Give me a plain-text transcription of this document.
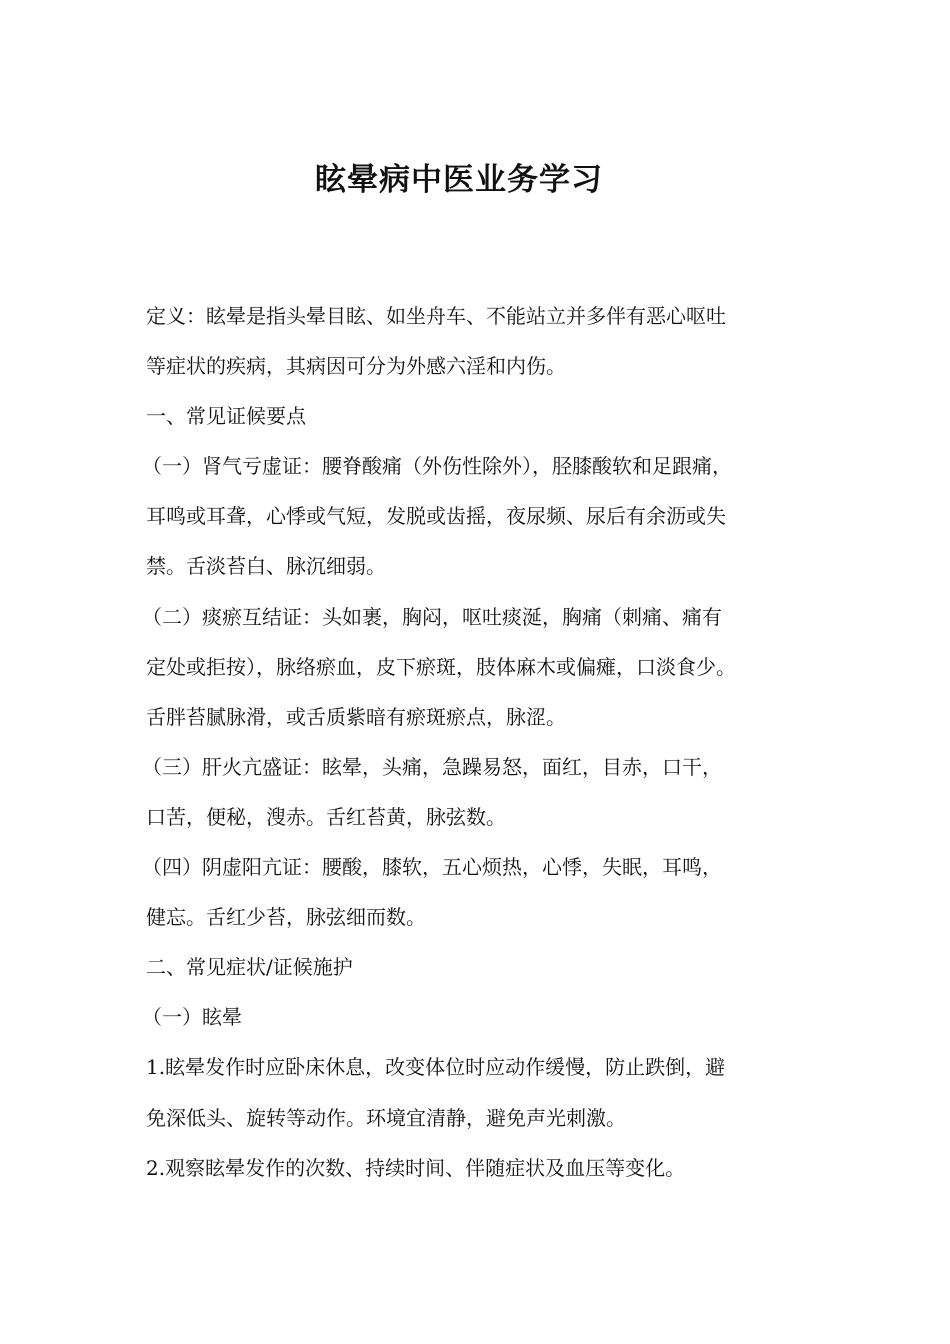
眩晕病中医业务学习

定义：眩晕是指头晕目眩、如坐舟车、不能站立并多伴有恶心呕吐

等症状的疾病，其病因可分为外感六淫和内伤。

一、常见证候要点

（一）肾气亏虚证：腰脊酸痛（外伤性除外），胫膝酸软和足跟痛，

耳鸣或耳聋，心悸或气短，发脱或齿摇，夜尿频、尿后有余沥或失

禁。舌淡苔白、脉沉细弱。

（二）痰瘀互结证：头如裹，胸闷，呕吐痰涎，胸痛（刺痛、痛有

定处或拒按），脉络瘀血，皮下瘀斑，肢体麻木或偏瘫，口淡食少。

舌胖苔腻脉滑，或舌质紫暗有瘀斑瘀点，脉涩。

（三）肝火亢盛证：眩晕，头痛，急躁易怒，面红，目赤，口干，

口苦，便秘，溲赤。舌红苔黄，脉弦数。

（四）阴虚阳亢证：腰酸，膝软，五心烦热，心悸，失眠，耳鸣，

健忘。舌红少苔，脉弦细而数。

二、常见症状/证候施护

（一）眩晕

1.眩晕发作时应卧床休息，改变体位时应动作缓慢，防止跌倒，避

免深低头、旋转等动作。环境宜清静，避免声光刺激。

2.观察眩晕发作的次数、持续时间、伴随症状及血压等变化。
